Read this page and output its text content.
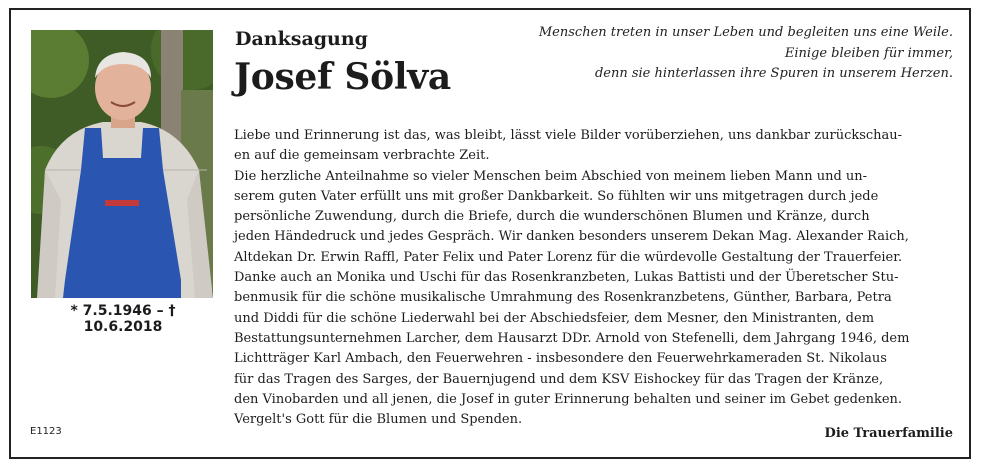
* 7.5.1946 – † 10.6.2018
E1123
Danksagung
Josef Sölva
Menschen treten in unser Leben und begleiten uns eine Weile.
Einige bleiben für immer,
denn sie hinterlassen ihre Spuren in unserem Herzen.
Liebe und Erinnerung ist das, was bleibt, lässt viele Bilder vorüberziehen, uns dankbar zurückschau-
en auf die gemeinsam verbrachte Zeit.
Die herzliche Anteilnahme so vieler Menschen beim Abschied von meinem lieben Mann und un-
serem guten Vater erfüllt uns mit großer Dankbarkeit. So fühlten wir uns mitgetragen durch jede
persönliche Zuwendung, durch die Briefe, durch die wunderschönen Blumen und Kränze, durch
jeden Händedruck und jedes Gespräch. Wir danken besonders unserem Dekan Mag. Alexander Raich,
Altdekan Dr. Erwin Raffl, Pater Felix und Pater Lorenz für die würdevolle Gestaltung der Trauerfeier.
Danke auch an Monika und Uschi für das Rosenkranzbeten, Lukas Battisti und der Überetscher Stu-
benmusik für die schöne musikalische Umrahmung des Rosenkranzbetens, Günther, Barbara, Petra
und Diddi für die schöne Liederwahl bei der Abschiedsfeier, dem Mesner, den Ministranten, dem
Bestattungsunternehmen Larcher, dem Hausarzt DDr. Arnold von Stefenelli, dem Jahrgang 1946, dem
Lichtträger Karl Ambach, den Feuerwehren - insbesondere den Feuerwehrkameraden St. Nikolaus
für das Tragen des Sarges, der Bauernjugend und dem KSV Eishockey für das Tragen der Kränze,
den Vinobarden und all jenen, die Josef in guter Erinnerung behalten und seiner im Gebet gedenken.
Vergelt's Gott für die Blumen und Spenden.
Die Trauerfamilie
